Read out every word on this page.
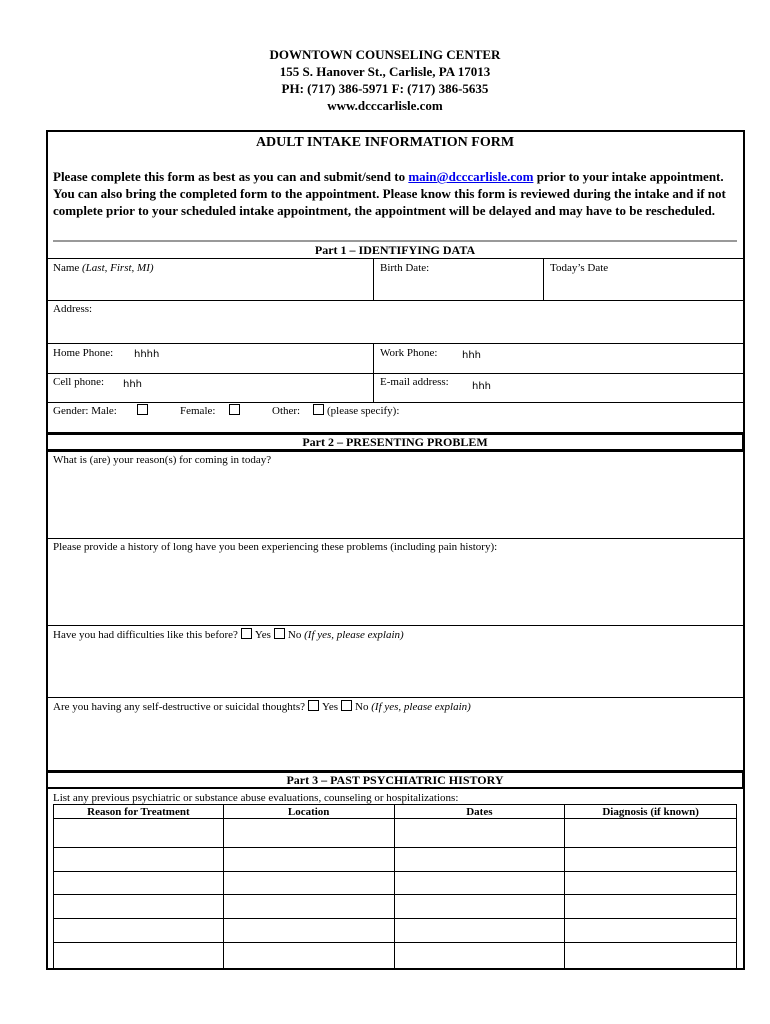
DOWNTOWN COUNSELING CENTER
155 S. Hanover St., Carlisle, PA 17013
PH: (717) 386-5971 F: (717) 386-5635
www.dcccarlisle.com
ADULT INTAKE INFORMATION FORM
Please complete this form as best as you can and submit/send to main@dcccarlisle.com prior to your intake appointment. You can also bring the completed form to the appointment. Please know this form is reviewed during the intake and if not complete prior to your scheduled intake appointment, the appointment will be delayed and may have to be rescheduled.
Part 1 – IDENTIFYING DATA
Name (Last, First, MI)	Birth Date:	Today’s Date
Address:
Home Phone: hhhh	Work Phone: hhh
Cell phone: hhh	E-mail address: hhh
Gender: Male:	Female:	Other: (please specify):
Part 2 – PRESENTING PROBLEM
What is (are) your reason(s) for coming in today?
Please provide a history of long have you been experiencing these problems (including pain history):
Have you had difficulties like this before? Yes No (If yes, please explain)
Are you having any self-destructive or suicidal thoughts? Yes No (If yes, please explain)
Part 3 – PAST PSYCHIATRIC HISTORY
List any previous psychiatric or substance abuse evaluations, counseling or hospitalizations:
Reason for Treatment	Location	Dates	Diagnosis (if known)
